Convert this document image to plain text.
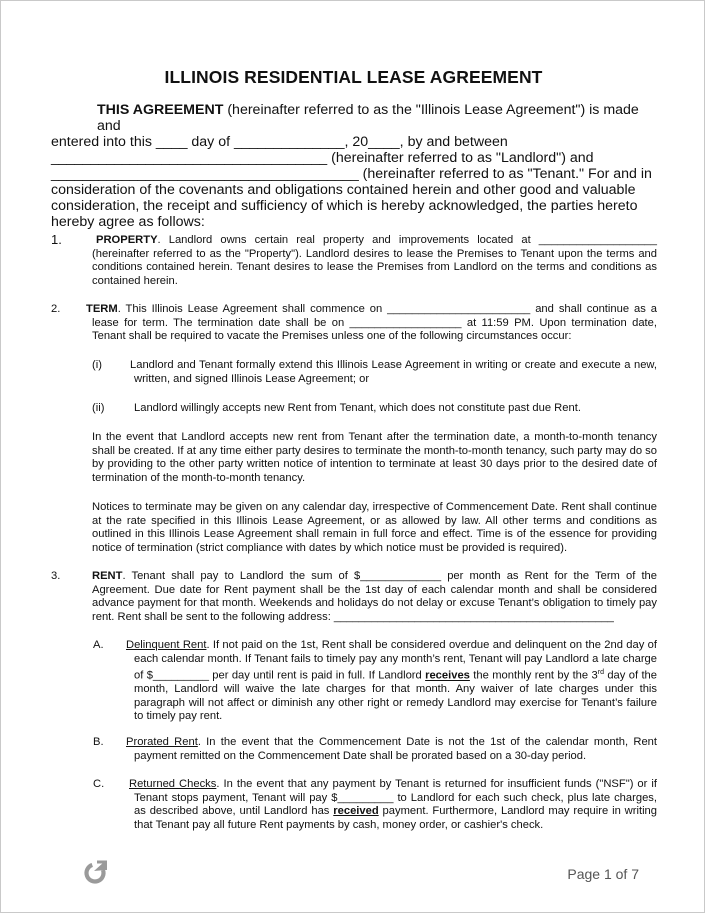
ILLINOIS RESIDENTIAL LEASE AGREEMENT

THIS AGREEMENT (hereinafter referred to as the "Illinois Lease Agreement") is made and

entered into this ____ day of ______________, 20____, by and between

___________________________________ (hereinafter referred to as "Landlord") and

_______________________________________ (hereinafter referred to as "Tenant." For and in

consideration of the covenants and obligations contained herein and other good and valuable

consideration, the receipt and sufficiency of which is hereby acknowledged, the parties hereto

hereby agree as follows:

1.	PROPERTY. Landlord owns certain real property and improvements located at ___________________ (hereinafter referred to as the "Property"). Landlord desires to lease the Premises to Tenant upon the terms and conditions contained herein. Tenant desires to lease the Premises from Landlord on the terms and conditions as contained herein.

2. TERM. This Illinois Lease Agreement shall commence on _______________________ and shall continue as a lease for term. The termination date shall be on __________________ at 11:59 PM. Upon termination date, Tenant shall be required to vacate the Premises unless one of the following circumstances occur:

(i)	Landlord and Tenant formally extend this Illinois Lease Agreement in writing or create and execute a new, written, and signed Illinois Lease Agreement; or

(ii)	Landlord willingly accepts new Rent from Tenant, which does not constitute past due Rent.

In the event that Landlord accepts new rent from Tenant after the termination date, a month-to-month tenancy shall be created. If at any time either party desires to terminate the month-to-month tenancy, such party may do so by providing to the other party written notice of intention to terminate at least 30 days prior to the desired date of termination of the month-to-month tenancy.

Notices to terminate may be given on any calendar day, irrespective of Commencement Date. Rent shall continue at the rate specified in this Illinois Lease Agreement, or as allowed by law. All other terms and conditions as outlined in this Illinois Lease Agreement shall remain in full force and effect. Time is of the essence for providing notice of termination (strict compliance with dates by which notice must be provided is required).

3.	RENT. Tenant shall pay to Landlord the sum of $_____________ per month as Rent for the Term of the Agreement. Due date for Rent payment shall be the 1st day of each calendar month and shall be considered advance payment for that month. Weekends and holidays do not delay or excuse Tenant’s obligation to timely pay rent. Rent shall be sent to the following address: _____________________________________________

A. Delinquent Rent. If not paid on the 1st, Rent shall be considered overdue and delinquent on the 2nd day of each calendar month. If Tenant fails to timely pay any month’s rent, Tenant will pay Landlord a late charge of $_________ per day until rent is paid in full. If Landlord receives the monthly rent by the 3rd day of the month, Landlord will waive the late charges for that month. Any waiver of late charges under this paragraph will not affect or diminish any other right or remedy Landlord may exercise for Tenant’s failure to timely pay rent.

B. Prorated Rent. In the event that the Commencement Date is not the 1st of the calendar month, Rent payment remitted on the Commencement Date shall be prorated based on a 30-day period.

C. Returned Checks. In the event that any payment by Tenant is returned for insufficient funds ("NSF") or if Tenant stops payment, Tenant will pay $_________ to Landlord for each such check, plus late charges, as described above, until Landlord has received payment. Furthermore, Landlord may require in writing that Tenant pay all future Rent payments by cash, money order, or cashier's check.

Page 1 of 7
